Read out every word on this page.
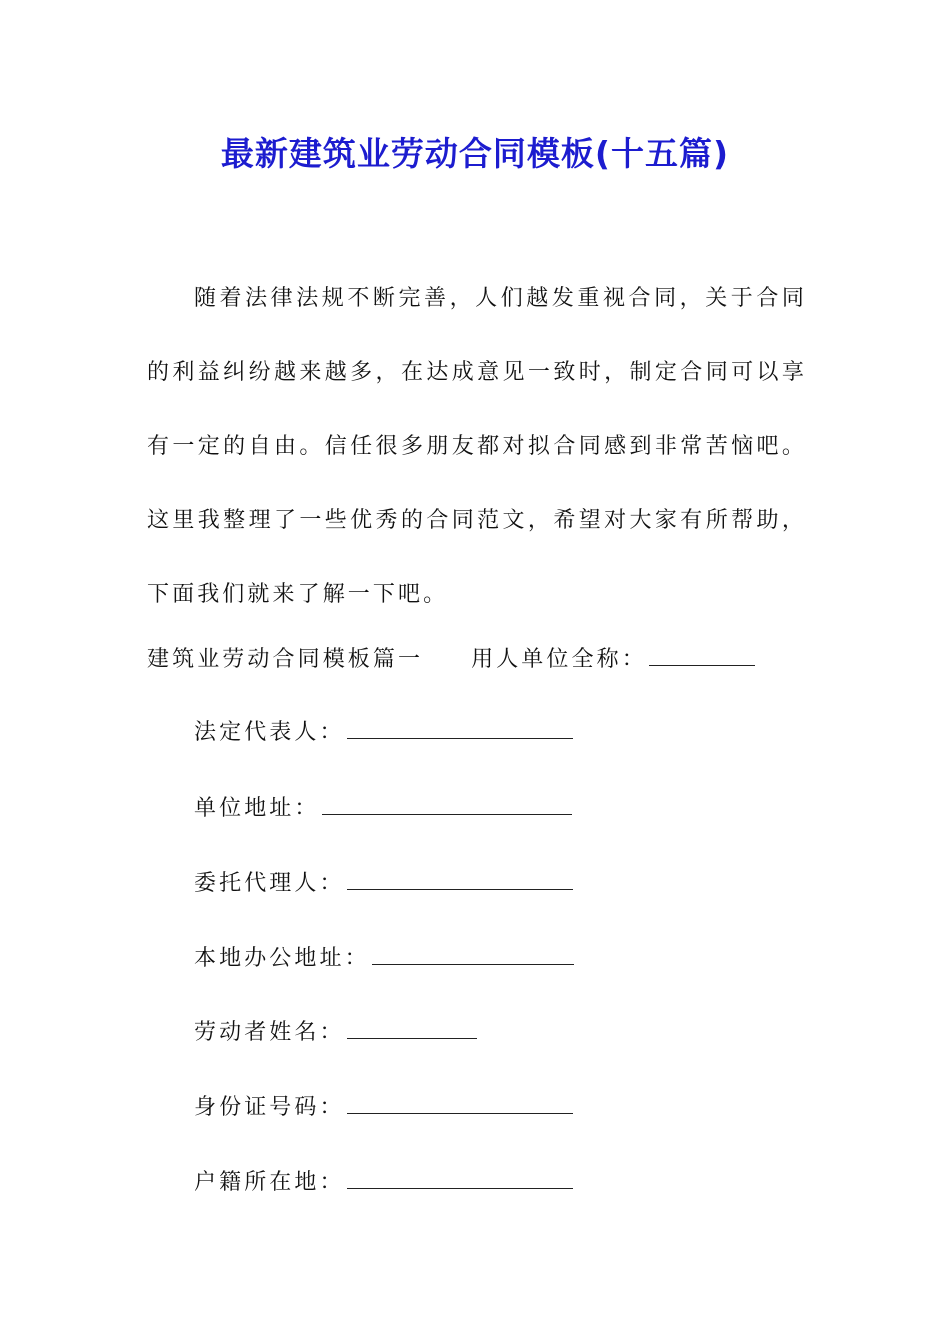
最新建筑业劳动合同模板(十五篇)

随着法律法规不断完善，人们越发重视合同，关于合同的利益纠纷越来越多，在达成意见一致时，制定合同可以享有一定的自由。信任很多朋友都对拟合同感到非常苦恼吧。这里我整理了一些优秀的合同范文，希望对大家有所帮助，下面我们就来了解一下吧。

建筑业劳动合同模板篇一 用人单位全称：
法定代表人：
单位地址：
委托代理人：
本地办公地址：
劳动者姓名：
身份证号码：
户籍所在地：
